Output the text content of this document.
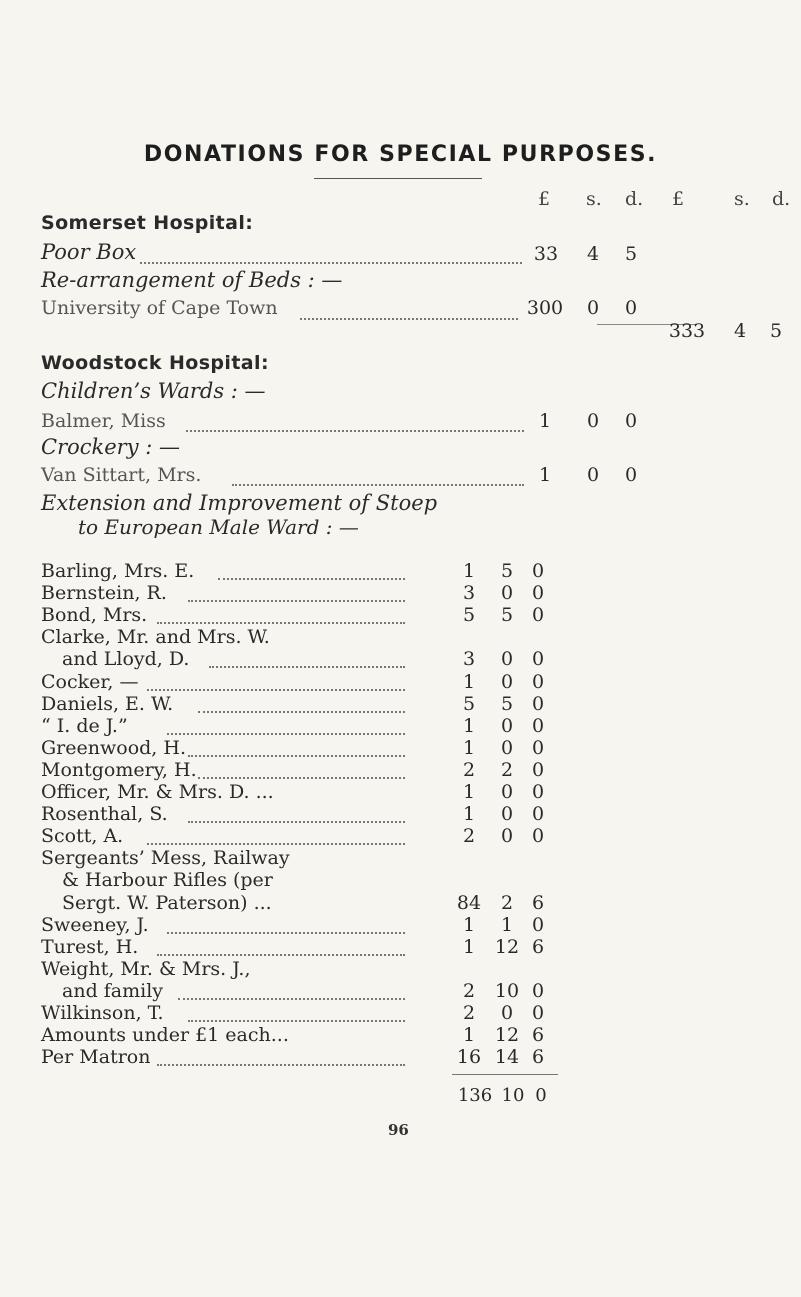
DONATIONS FOR SPECIAL PURPOSES.
£ s. d. £	s. d.
Somerset Hospital:
Poor Box	33	4	5
Re-arrangement of Beds : —
University of Cape Town	300	0	0
333	4	5
Woodstock Hospital:
Children’s Wards : —
Balmer, Miss	1	0	0
Crockery : —
Van Sittart, Mrs.	1	0	0
Extension and Improvement of Stoep
to European Male Ward : —
Barling, Mrs. E.	1	5 0
Bernstein, R.	3	0 0
Bond, Mrs.	5	5 0
Clarke, Mr. and Mrs. W.
and Lloyd, D.	3	0 0
Cocker, —	1	0 0
Daniels, E. W.	5	5 0
“ I. de J.”	1	0 0
Greenwood, H.	1	0 0
Montgomery, H.	2	2 0
Officer, Mr. & Mrs. D. ...	1	0 0
Rosenthal, S.	1	0 0
Scott, A.	2	0 0
Sergeants’ Mess, Railway
& Harbour Rifles (per
Sergt. W. Paterson) ...	84	2 6
Sweeney, J.	1	1 0
Turest, H.	1	12 6
Weight, Mr. & Mrs. J.,
and family	2	10 0
Wilkinson, T.	2	0 0
Amounts under £1 each...	1	12 6
Per Matron	16 14 6
136 10 0
96
